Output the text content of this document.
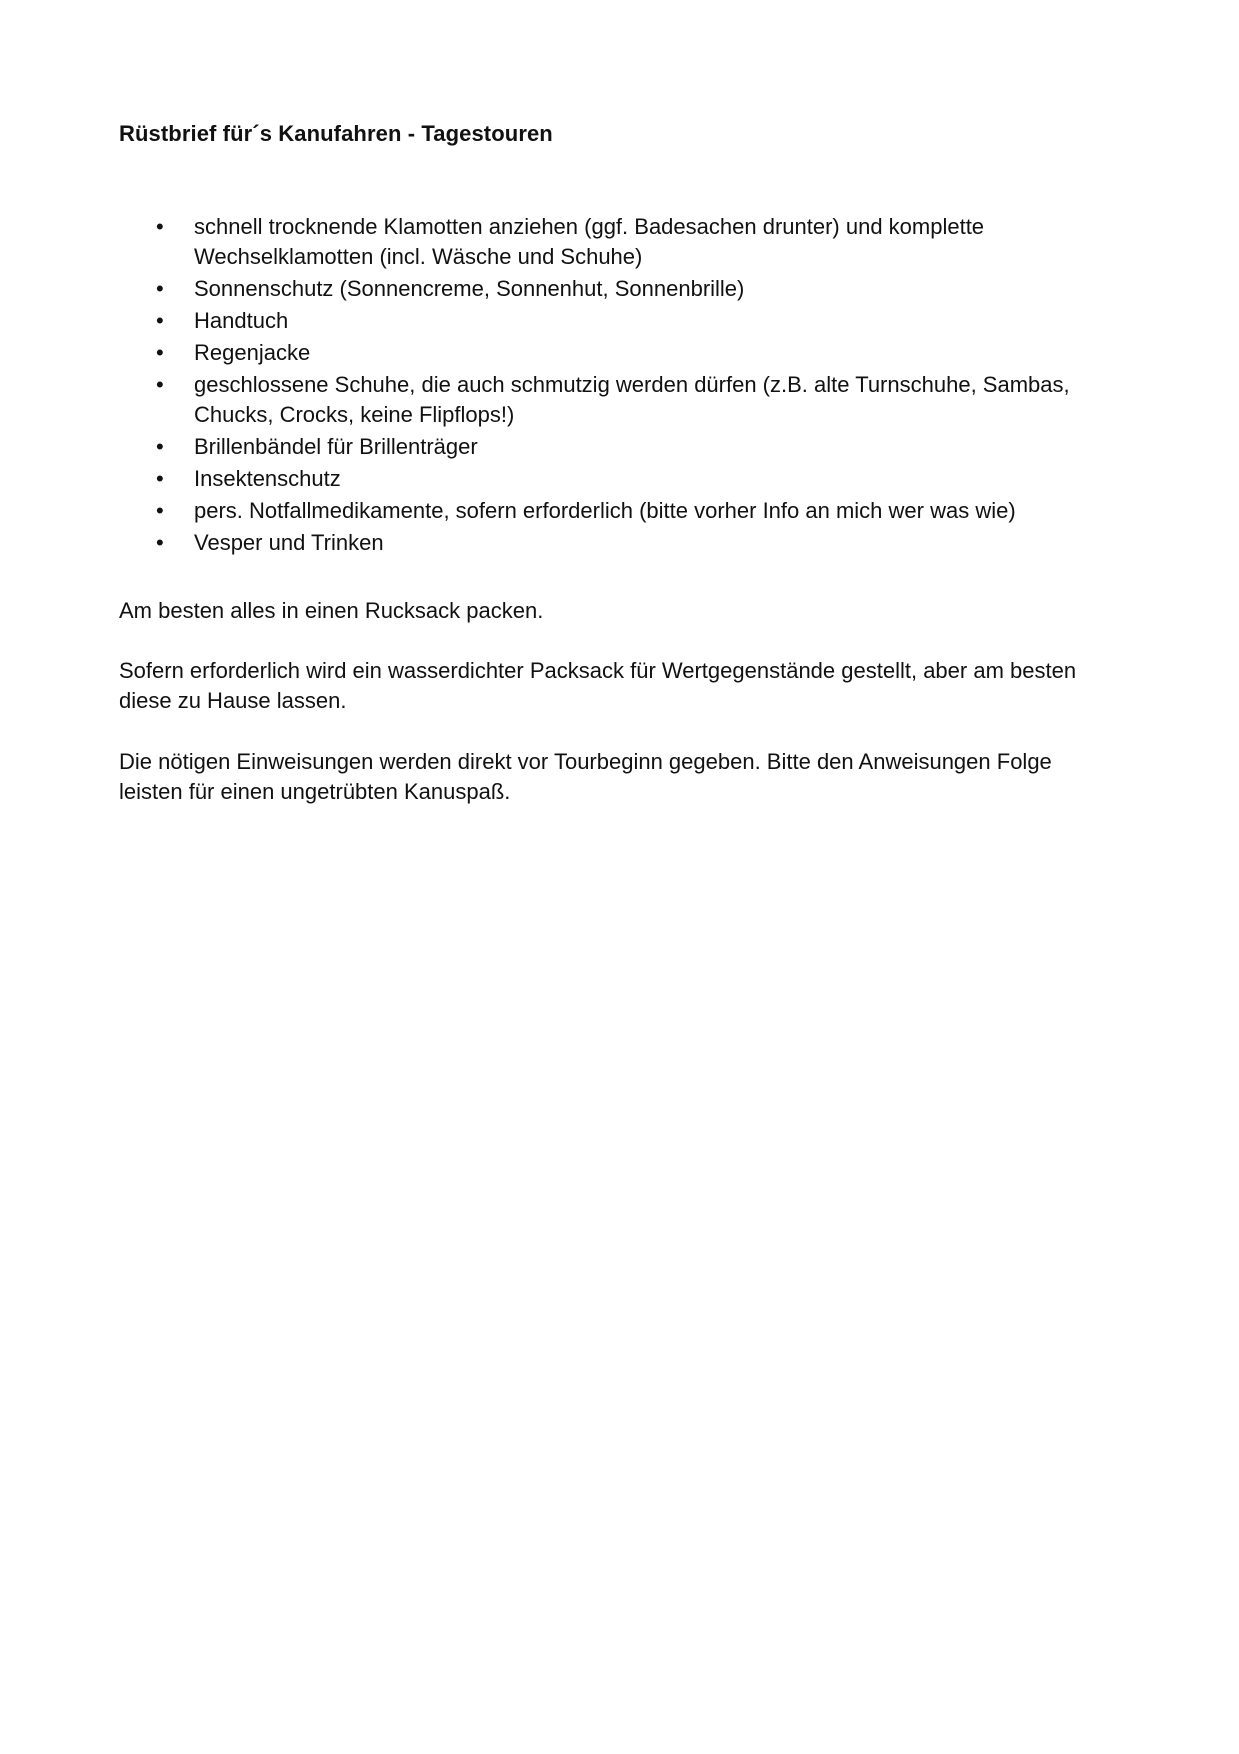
Rüstbrief für´s Kanufahren - Tagestouren
•	schnell trocknende Klamotten anziehen (ggf. Badesachen drunter) und komplette Wechselklamotten (incl. Wäsche und Schuhe)
•	Sonnenschutz (Sonnencreme, Sonnenhut, Sonnenbrille)
•	Handtuch
•	Regenjacke
•	geschlossene Schuhe, die auch schmutzig werden dürfen (z.B. alte Turnschuhe, Sambas, Chucks, Crocks, keine Flipflops!)
•	Brillenbändel für Brillenträger
•	Insektenschutz
•	pers. Notfallmedikamente, sofern erforderlich (bitte vorher Info an mich wer was wie)
•	Vesper und Trinken

Am besten alles in einen Rucksack packen.

Sofern erforderlich wird ein wasserdichter Packsack für Wertgegenstände gestellt, aber am besten diese zu Hause lassen.

Die nötigen Einweisungen werden direkt vor Tourbeginn gegeben. Bitte den Anweisungen Folge leisten für einen ungetrübten Kanuspaß.
